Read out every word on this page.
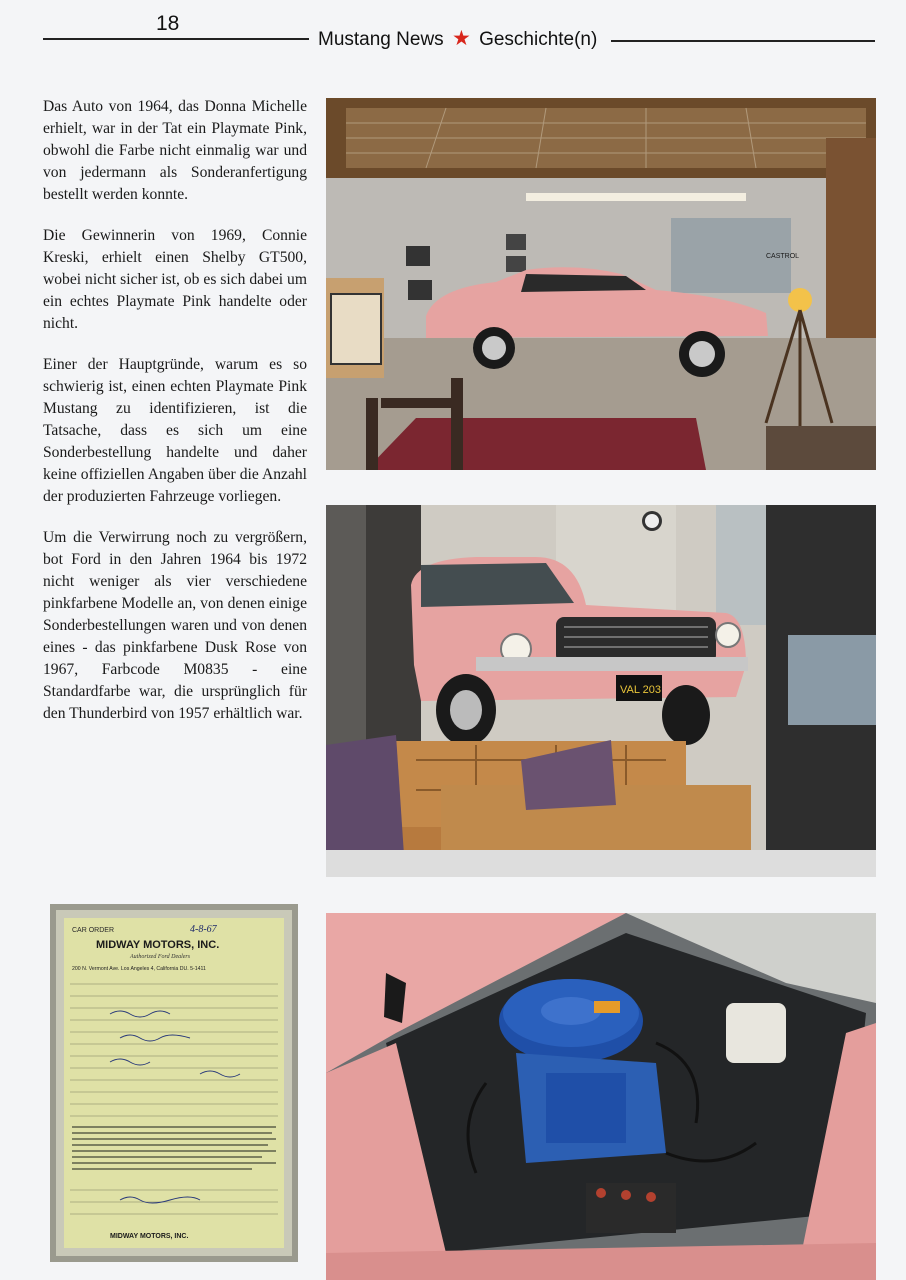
18
Mustang News ★ Geschichte(n)

Das Auto von 1964, das Donna Michelle erhielt, war in der Tat ein Playmate Pink, obwohl die Farbe nicht einmalig war und von jedermann als Sonderanfertigung bestellt werden konnte.

Die Gewinnerin von 1969, Connie Kreski, erhielt einen Shelby GT500, wobei nicht sicher ist, ob es sich dabei um ein echtes Playmate Pink handelte oder nicht.

Einer der Hauptgründe, warum es so schwierig ist, einen echten Playmate Pink Mustang zu identifizieren, ist die Tatsache, dass es sich um eine Sonderbestellung handelte und daher keine offiziellen Angaben über die Anzahl der produzierten Fahrzeuge vorliegen.

Um die Verwirrung noch zu vergrößern, bot Ford in den Jahren 1964 bis 1972 nicht weniger als vier verschiedene pinkfarbene Modelle an, von denen einige Sonderbestellungen waren und von denen eines - das pinkfarbene Dusk Rose von 1967, Farbcode M0835 - eine Standardfarbe war, die ursprünglich für den Thunderbird von 1957 erhältlich war.

CASTROL
VAL 203
CAR ORDER	4-8-67
MIDWAY MOTORS, INC.
Authorized Ford Dealers
200 N. Vermont Ave. Los Angeles 4, California DU. 5-1411
MIDWAY MOTORS, INC.
